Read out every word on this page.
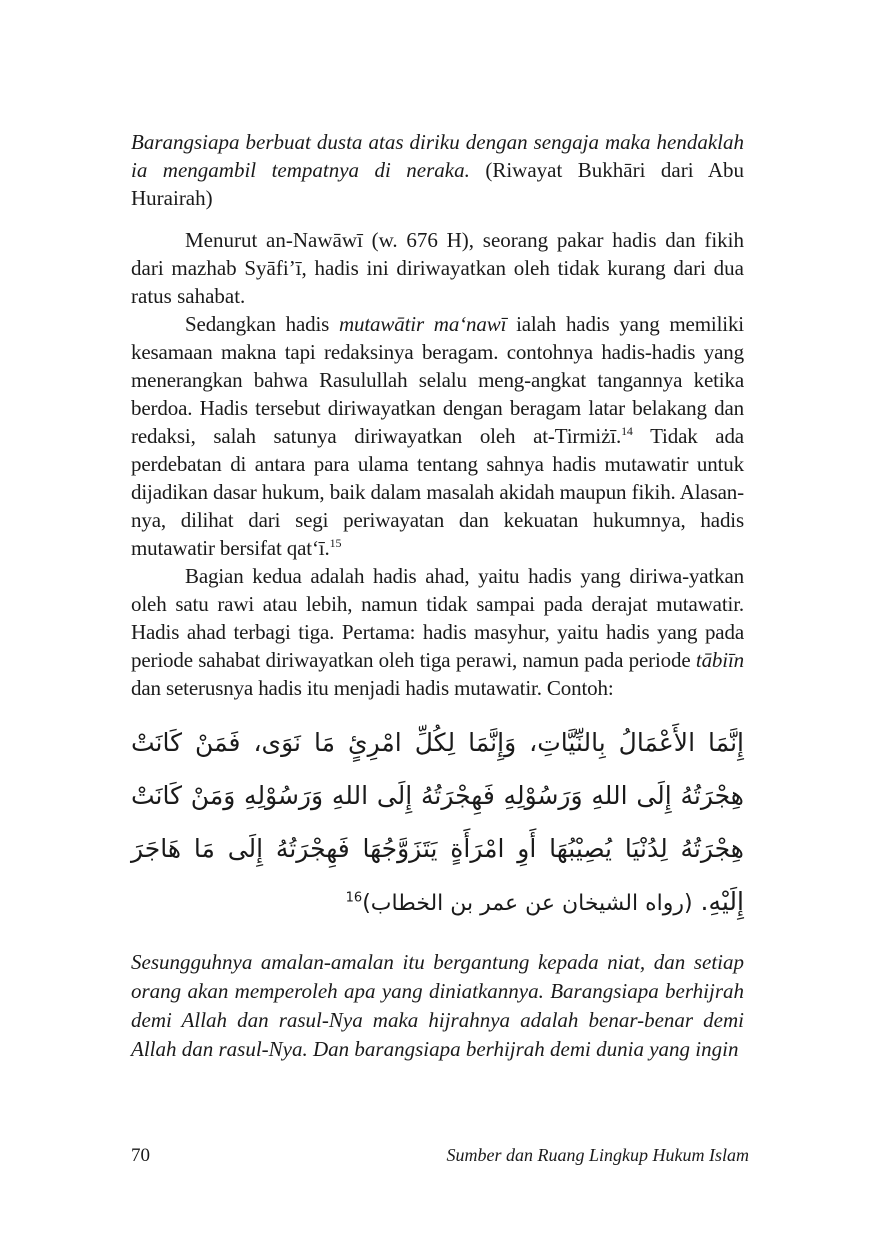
Barangsiapa berbuat dusta atas diriku dengan sengaja maka hendaklah ia mengambil tempatnya di neraka. (Riwayat Bukhāri dari Abu Hurairah)

Menurut an-Nawāwī (w. 676 H), seorang pakar hadis dan fikih dari mazhab Syāfi’ī, hadis ini diriwayatkan oleh tidak kurang dari dua ratus sahabat.

Sedangkan hadis mutawātir ma‘nawī ialah hadis yang memiliki kesamaan makna tapi redaksinya beragam. contohnya hadis-hadis yang menerangkan bahwa Rasulullah selalu meng-angkat tangannya ketika berdoa. Hadis tersebut diriwayatkan dengan beragam latar belakang dan redaksi, salah satunya diriwayatkan oleh at-Tirmiżī.$^{14}$ Tidak ada perdebatan di antara para ulama tentang sahnya hadis mutawatir untuk dijadikan dasar hukum, baik dalam masalah akidah maupun fikih. Alasan-nya, dilihat dari segi periwayatan dan kekuatan hukumnya, hadis mutawatir bersifat qat‘ī.$^{15}$

Bagian kedua adalah hadis ahad, yaitu hadis yang diriwa-yatkan oleh satu rawi atau lebih, namun tidak sampai pada derajat mutawatir. Hadis ahad terbagi tiga. Pertama: hadis masyhur, yaitu hadis yang pada periode sahabat diriwayatkan oleh tiga perawi, namun pada periode tābiīn dan seterusnya hadis itu menjadi hadis mutawatir. Contoh:

إِنَّمَا الأَعْمَالُ بِالنِّيَّاتِ، وَإِنَّمَا لِكُلِّ امْرِئٍ مَا نَوَى، فَمَنْ كَانَتْ هِجْرَتُهُ إِلَى اللهِ وَرَسُوْلِهِ فَهِجْرَتُهُ إِلَى اللهِ وَرَسُوْلِهِ وَمَنْ كَانَتْ هِجْرَتُهُ لِدُنْيَا يُصِيْبُهَا أَوِ امْرَأَةٍ يَتَزَوَّجُهَا فَهِجْرَتُهُ إِلَى مَا هَاجَرَ إِلَيْهِ. (رواه الشيخان عن عمر بن الخطاب)$^{16}$

Sesungguhnya amalan-amalan itu bergantung kepada niat, dan setiap orang akan memperoleh apa yang diniatkannya. Barangsiapa berhijrah demi Allah dan rasul-Nya maka hijrahnya adalah benar-benar demi Allah dan rasul-Nya. Dan barangsiapa berhijrah demi dunia yang ingin

70	Sumber dan Ruang Lingkup Hukum Islam
